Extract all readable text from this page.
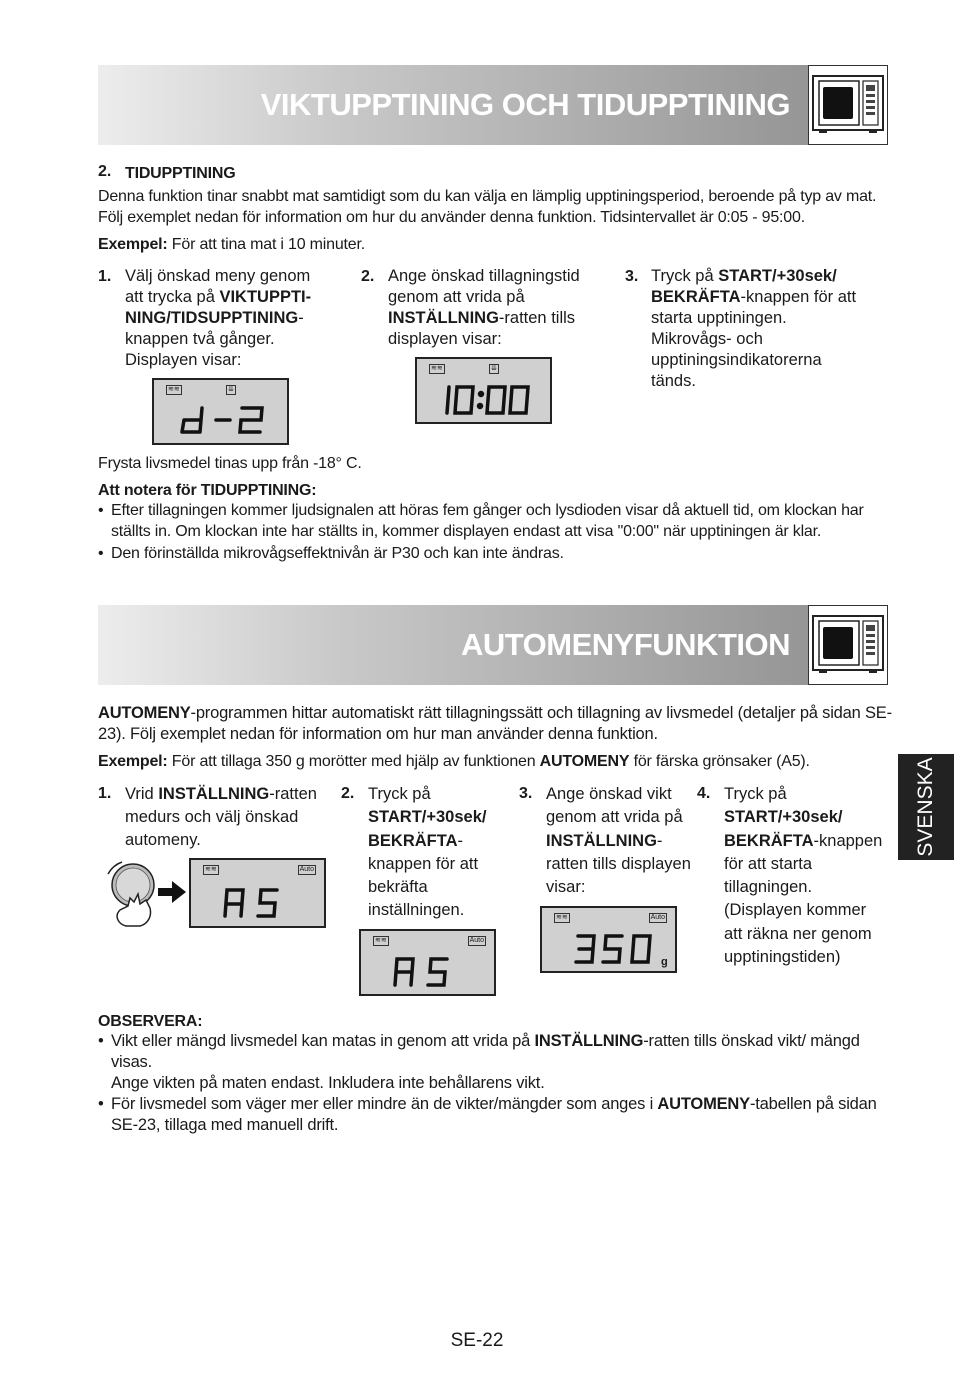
VIKTUPPTINING OCH TIDUPPTINING
2. TIDUPPTINING
Denna funktion tinar snabbt mat samtidigt som du kan välja en lämplig upptiningsperiod, beroende på typ av mat. Följ exemplet nedan för information om hur du använder denna funktion. Tidsintervallet är 0:05 - 95:00.
Exempel: För att tina mat i 10 minuter.
1. Välj önskad meny genom att trycka på VIKTUPPTI-NING/TIDSUPPTINING-knappen två gånger. Displayen visar:
≋≋	⇊
2. Ange önskad tillagningstid genom att vrida på INSTÄLLNING-ratten tills displayen visar:
≋≋	⇊
3. Tryck på START/+30sek/ BEKRÄFTA-knappen för att starta upptiningen. Mikrovågs- och upptiningsindikatorerna tänds.
Frysta livsmedel tinas upp från -18° C.
Att notera för TIDUPPTINING:
• Efter tillagningen kommer ljudsignalen att höras fem gånger och lysdioden visar då aktuell tid, om klockan har ställts in. Om klockan inte har ställts in, kommer displayen endast att visa "0:00" när upptiningen är klar.
• Den förinställda mikrovågseffektnivån är P30 och kan inte ändras.
AUTOMENYFUNKTION
AUTOMENY-programmen hittar automatiskt rätt tillagningssätt och tillagning av livsmedel (detaljer på sidan SE-23). Följ exemplet nedan för information om hur man använder denna funktion.
Exempel: För att tillaga 350 g morötter med hjälp av funktionen AUTOMENY för färska grönsaker (A5).
1. Vrid INSTÄLLNING-ratten medurs och välj önskad automeny.
≋≋	Auto
2. Tryck på START/+30sek/ BEKRÄFTA-knappen för att bekräfta inställningen.
≋≋	Auto
3. Ange önskad vikt genom att vrida på INSTÄLLNING-ratten tills displayen visar:
≋≋	Auto
g
4. Tryck på START/+30sek/ BEKRÄFTA-knappen för att starta tillagningen. (Displayen kommer att räkna ner genom upptiningstiden)
OBSERVERA:
• Vikt eller mängd livsmedel kan matas in genom att vrida på INSTÄLLNING-ratten tills önskad vikt/ mängd visas.
Ange vikten på maten endast. Inkludera inte behållarens vikt.
• För livsmedel som väger mer eller mindre än de vikter/mängder som anges i AUTOMENY-tabellen på sidan SE-23, tillaga med manuell drift.
SVENSKA
SE-22
